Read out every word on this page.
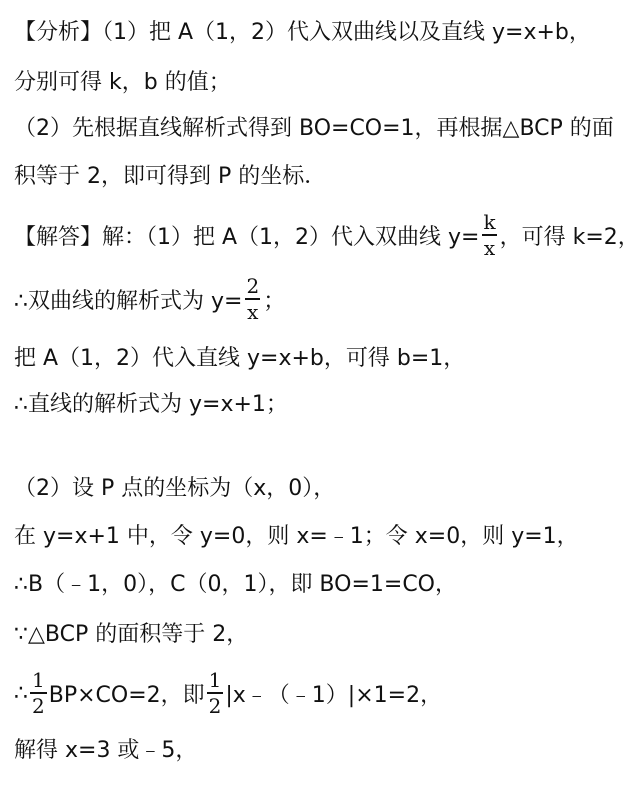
【分析】（1）把 A（1，2）代入双曲线以及直线 y=x+b，
分别可得 k，b 的值；
（2）先根据直线解析式得到 BO=CO=1，再根据△BCP 的面
积等于 2，即可得到 P 的坐标．
【解答】解：（1）把 A（1，2）代入双曲线 $y= \frac{k}{x}$ ，可得 k=2，
∴双曲线的解析式为 $y= \frac{2}{x}$ ；
把 A（1，2）代入直线 y=x+b，可得 b=1，
∴直线的解析式为 y=x+1；
（2）设 P 点的坐标为（x，0），
在 y=x+1 中，令 y=0，则 x=﹣1；令 x=0，则 y=1，
∴B（﹣1，0），C（0，1），即 BO=1=CO，
∵△BCP 的面积等于 2，
∴ $\frac{1}{2} BP\times CO=2$，即 $\frac{1}{2}$ |x﹣（﹣1）|×1=2，
解得 x=3 或﹣5，
